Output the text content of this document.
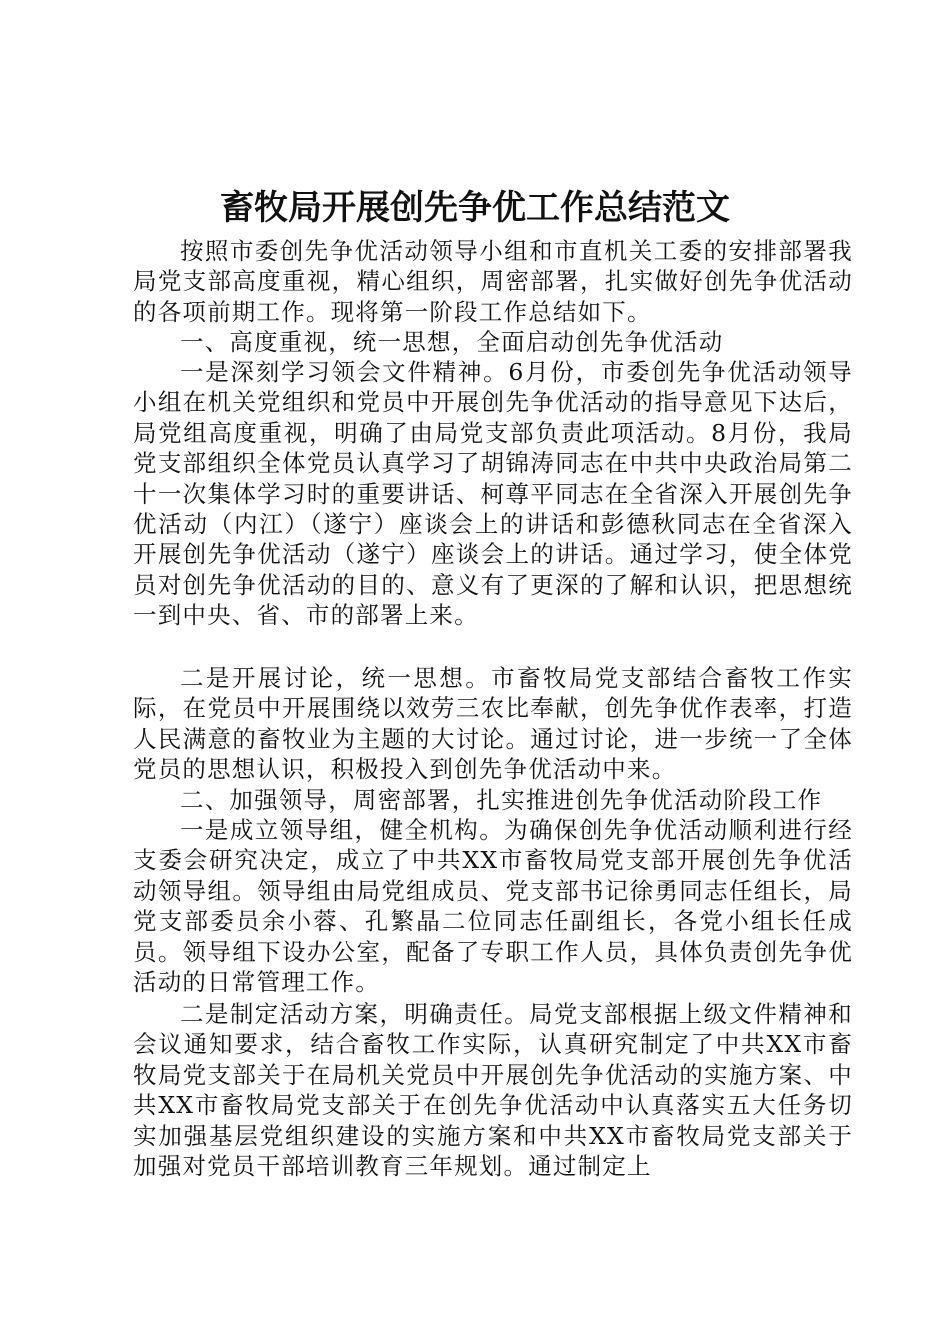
畜牧局开展创先争优工作总结范文

按照市委创先争优活动领导小组和市直机关工委的安排部署我局党支部高度重视，精心组织，周密部署，扎实做好创先争优活动的各项前期工作。现将第一阶段工作总结如下。

一、高度重视，统一思想，全面启动创先争优活动

一是深刻学习领会文件精神。6月份，市委创先争优活动领导小组在机关党组织和党员中开展创先争优活动的指导意见下达后，局党组高度重视，明确了由局党支部负责此项活动。8月份，我局党支部组织全体党员认真学习了胡锦涛同志在中共中央政治局第二十一次集体学习时的重要讲话、柯尊平同志在全省深入开展创先争优活动（内江）（遂宁）座谈会上的讲话和彭德秋同志在全省深入开展创先争优活动（遂宁）座谈会上的讲话。通过学习，使全体党员对创先争优活动的目的、意义有了更深的了解和认识，把思想统一到中央、省、市的部署上来。

二是开展讨论，统一思想。市畜牧局党支部结合畜牧工作实际，在党员中开展围绕以效劳三农比奉献，创先争优作表率，打造人民满意的畜牧业为主题的大讨论。通过讨论，进一步统一了全体党员的思想认识，积极投入到创先争优活动中来。

二、加强领导，周密部署，扎实推进创先争优活动阶段工作

一是成立领导组，健全机构。为确保创先争优活动顺利进行经支委会研究决定，成立了中共XX市畜牧局党支部开展创先争优活动领导组。领导组由局党组成员、党支部书记徐勇同志任组长，局党支部委员余小蓉、孔繁晶二位同志任副组长，各党小组长任成员。领导组下设办公室，配备了专职工作人员，具体负责创先争优活动的日常管理工作。

二是制定活动方案，明确责任。局党支部根据上级文件精神和会议通知要求，结合畜牧工作实际，认真研究制定了中共XX市畜牧局党支部关于在局机关党员中开展创先争优活动的实施方案、中共XX市畜牧局党支部关于在创先争优活动中认真落实五大任务切实加强基层党组织建设的实施方案和中共XX市畜牧局党支部关于加强对党员干部培训教育三年规划。通过制定上
